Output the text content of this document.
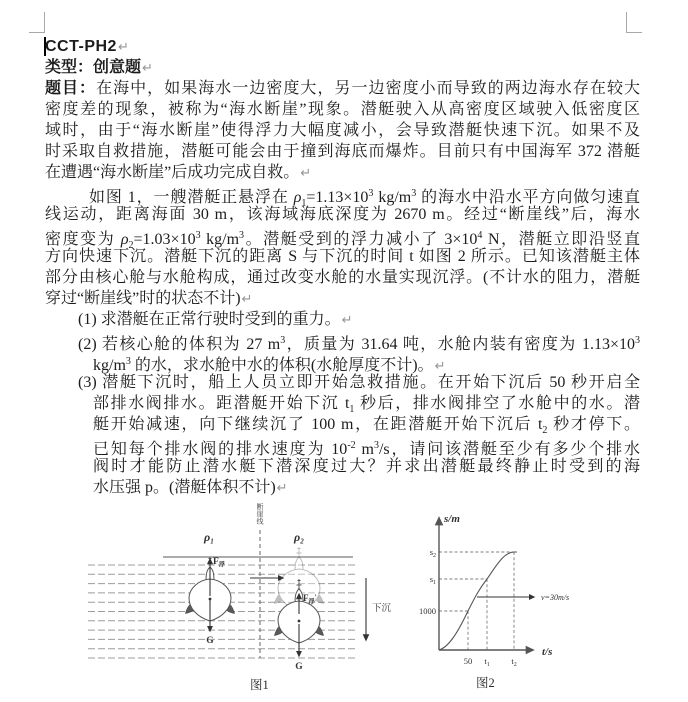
CCT-PH2↵
类型：创意题↵
题目：在海中，如果海水一边密度大，另一边密度小而导致的两边海水存在较大
密度差的现象，被称为“海水断崖”现象。潜艇驶入从高密度区域驶入低密度区
域时，由于“海水断崖”使得浮力大幅度减小，会导致潜艇快速下沉。如果不及
时采取自救措施，潜艇可能会由于撞到海底而爆炸。目前只有中国海军 372 潜艇
在遭遇“海水断崖”后成功完成自救。↵
如图 1，一艘潜艇正悬浮在 $\rho_1=1.13\times 10^3$ $kg/m^3$ 的海水中沿水平方向做匀速直
线运动，距离海面 30 m，该海域海底深度为 2670 m。经过“断崖线”后，海水
密度变为 $\rho_2=1.03\times 10^3$ $kg/m^3$。潜艇受到的浮力减小了 $3\times 10^4$ N，潜艇立即沿竖直
方向快速下沉。潜艇下沉的距离 S 与下沉的时间 t 如图 2 所示。已知该潜艇主体
部分由核心舱与水舱构成，通过改变水舱的水量实现沉浮。(不计水的阻力，潜艇
穿过“断崖线”时的状态不计)↵
(1) 求潜艇在正常行驶时受到的重力。↵
(2) 若核心舱的体积为 27 $m^3$，质量为 31.64 吨，水舱内装有密度为 $1.13\times 10^3$
$kg/m^3$ 的水，求水舱中水的体积(水舱厚度不计)。↵
(3) 潜艇下沉时，船上人员立即开始急救措施。在开始下沉后 50 秒开启全
部排水阀排水。距潜艇开始下沉 $t_1$ 秒后，排水阀排空了水舱中的水。潜
艇开始减速，向下继续沉了 100 m，在距潜艇开始下沉后 $t_2$ 秒才停下。
已知每个排水阀的排水速度为 $10^{-2}$ $m^3/s$，请问该潜艇至少有多少个排水
阀时才能防止潜水艇下潜深度过大？并求出潜艇最终静止时受到的海
水压强 p。(潜艇体积不计)↵
断崖线
$\rho_1$	$\rho_2$
$F_浮$
G
$F_浮'$
G
下沉
图1
s/m
t/s
v=30m/s
$s_2$
$s_1$
1000
50 $t_1$	$t_2$
图2
